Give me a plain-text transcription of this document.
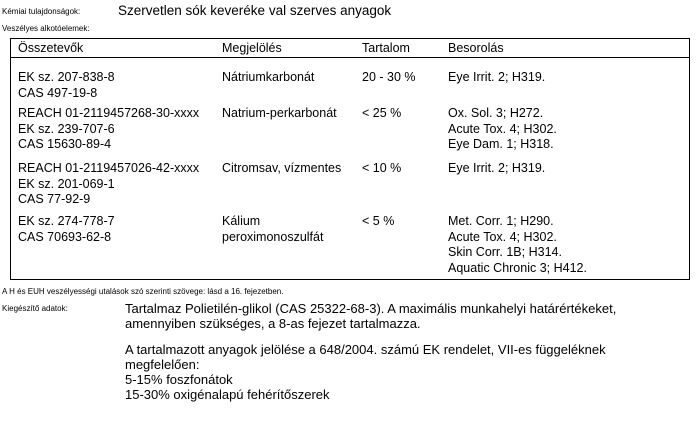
Kémiai tulajdonságok:	Szervetlen sók keveréke val szerves anyagok
Veszélyes alkotóelemek:
Összetevők	Megjelölés	Tartalom	Besorolás
EK sz. 207-838-8
CAS 497-19-8
Nátriumkarbonát	20 - 30 %	Eye Irrit. 2; H319.
REACH 01-2119457268-30-xxxx
EK sz. 239-707-6
CAS 15630-89-4
Natrium-perkarbonát < 25 %	Ox. Sol. 3; H272.
Acute Tox. 4; H302.
Eye Dam. 1; H318.
REACH 01-2119457026-42-xxxx
EK sz. 201-069-1
CAS 77-92-9
Citromsav, vízmentes < 10 %	Eye Irrit. 2; H319.
EK sz. 274-778-7
CAS 70693-62-8
Kálium
peroximonoszulfát
< 5 %	Met. Corr. 1; H290.
Acute Tox. 4; H302.
Skin Corr. 1B; H314.
Aquatic Chronic 3; H412.
A H és EUH veszélyességi utalások szó szerinti szövege: lásd a 16. fejezetben.
Kiegészítő adatok:	Tartalmaz Polietilén-glikol (CAS 25322-68-3). A maximális munkahelyi határértékeket,
amennyiben szükséges, a 8-as fejezet tartalmazza.
A tartalmazott anyagok jelölése a 648/2004. számú EK rendelet, VII-es függeléknek
megfelelően:
5-15% foszfonátok
15-30% oxigénalapú fehérítőszerek
